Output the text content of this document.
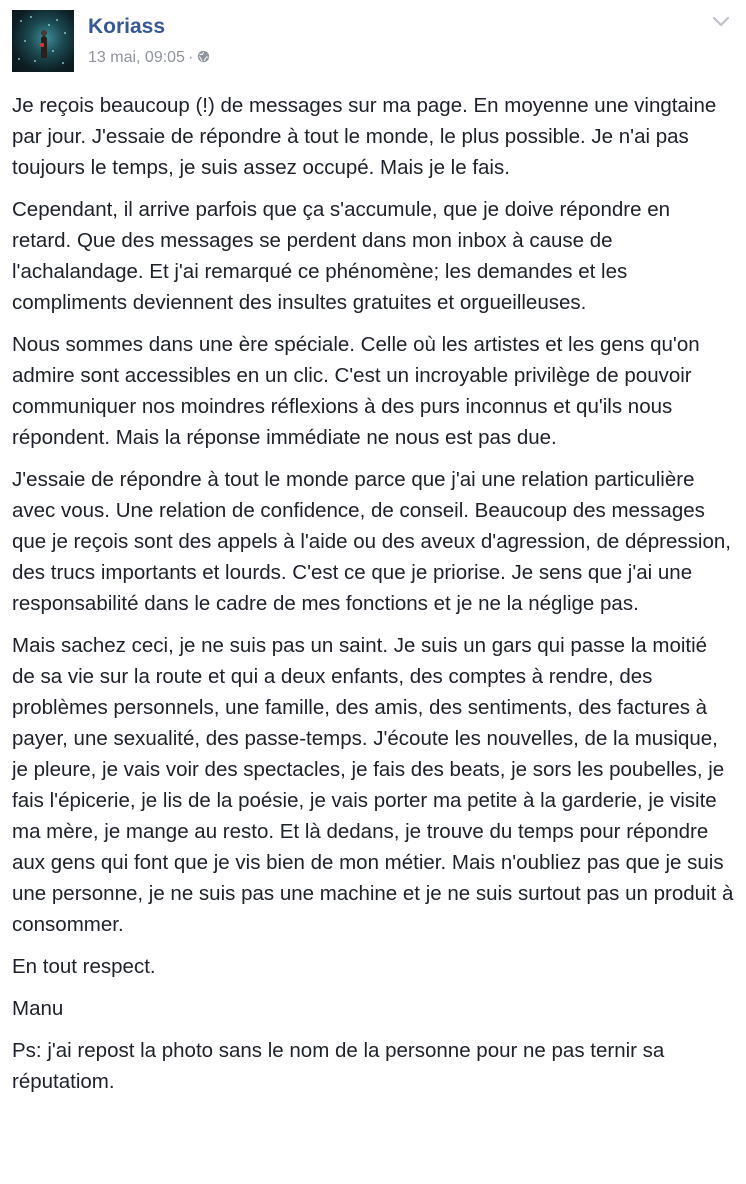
Koriass
13 mai, 09:05 ·

Je reçois beaucoup (!) de messages sur ma page. En moyenne une vingtaine par jour. J'essaie de répondre à tout le monde, le plus possible. Je n'ai pas toujours le temps, je suis assez occupé. Mais je le fais.

Cependant, il arrive parfois que ça s'accumule, que je doive répondre en retard. Que des messages se perdent dans mon inbox à cause de l'achalandage. Et j'ai remarqué ce phénomène; les demandes et les compliments deviennent des insultes gratuites et orgueilleuses.

Nous sommes dans une ère spéciale. Celle où les artistes et les gens qu'on admire sont accessibles en un clic. C'est un incroyable privilège de pouvoir communiquer nos moindres réflexions à des purs inconnus et qu'ils nous répondent. Mais la réponse immédiate ne nous est pas due.

J'essaie de répondre à tout le monde parce que j'ai une relation particulière avec vous. Une relation de confidence, de conseil. Beaucoup des messages que je reçois sont des appels à l'aide ou des aveux d'agression, de dépression, des trucs importants et lourds. C'est ce que je priorise. Je sens que j'ai une responsabilité dans le cadre de mes fonctions et je ne la néglige pas.

Mais sachez ceci, je ne suis pas un saint. Je suis un gars qui passe la moitié de sa vie sur la route et qui a deux enfants, des comptes à rendre, des problèmes personnels, une famille, des amis, des sentiments, des factures à payer, une sexualité, des passe-temps. J'écoute les nouvelles, de la musique, je pleure, je vais voir des spectacles, je fais des beats, je sors les poubelles, je fais l'épicerie, je lis de la poésie, je vais porter ma petite à la garderie, je visite ma mère, je mange au resto. Et là dedans, je trouve du temps pour répondre aux gens qui font que je vis bien de mon métier. Mais n'oubliez pas que je suis une personne, je ne suis pas une machine et je ne suis surtout pas un produit à consommer.

En tout respect.

Manu

Ps: j'ai repost la photo sans le nom de la personne pour ne pas ternir sa réputatiom.
